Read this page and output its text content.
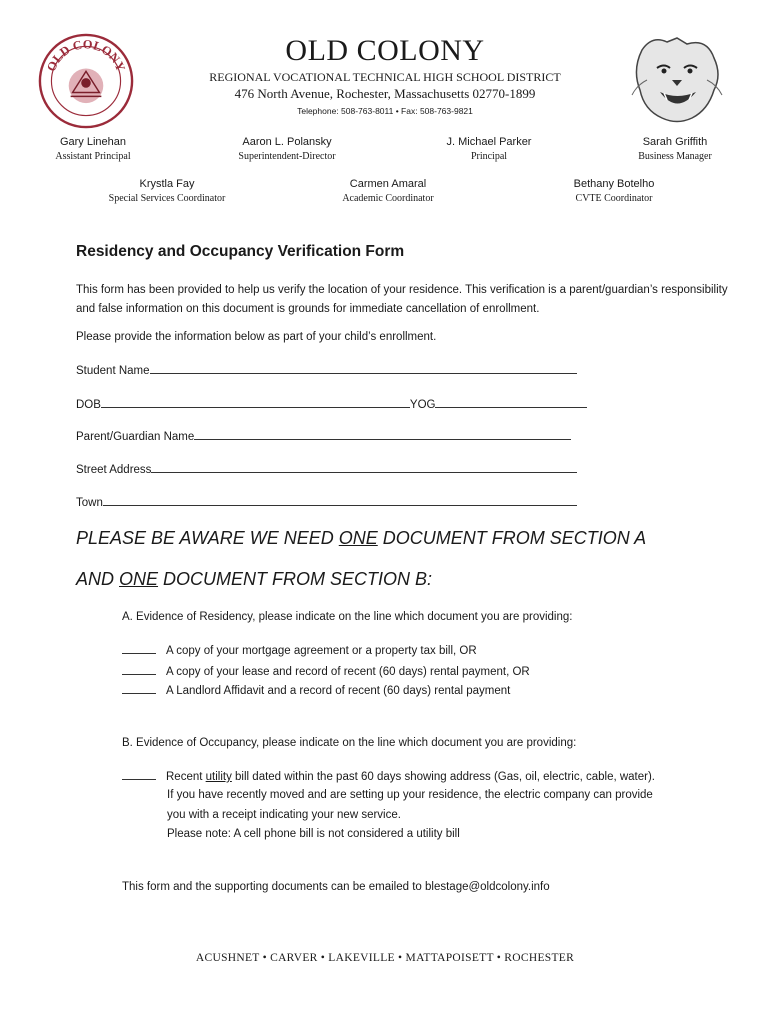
OLD COLONY	OLD COLONY
REGIONAL VOCATIONAL TECHNICAL HIGH SCHOOL DISTRICT
476 North Avenue, Rochester, Massachusetts 02770-1899
Telephone: 508-763-8011 • Fax: 508-763-9821
Gary Linehan
Assistant Principal
Aaron L. Polansky
Superintendent-Director
J. Michael Parker
Principal
Sarah Griffith
Business Manager
Krystla Fay
Special Services Coordinator
Carmen Amaral
Academic Coordinator
Bethany Botelho
CVTE Coordinator
Residency and Occupancy Verification Form
This form has been provided to help us verify the location of your residence. This verification is a parent/guardian’s responsibility and false information on this document is grounds for immediate cancellation of enrollment.
Please provide the information below as part of your child’s enrollment.
Student Name
DOB	YOG
Parent/Guardian Name
Street Address
Town
PLEASE BE AWARE WE NEED ONE DOCUMENT FROM SECTION A
AND ONE DOCUMENT FROM SECTION B:
A. Evidence of Residency, please indicate on the line which document you are providing:
A copy of your mortgage agreement or a property tax bill, OR
A copy of your lease and record of recent (60 days) rental payment, OR
A Landlord Affidavit and a record of recent (60 days) rental payment
B. Evidence of Occupancy, please indicate on the line which document you are providing:
Recent utility bill dated within the past 60 days showing address (Gas, oil, electric, cable, water).
If you have recently moved and are setting up your residence, the electric company can provide
you with a receipt indicating your new service.
Please note: A cell phone bill is not considered a utility bill
This form and the supporting documents can be emailed to blestage@oldcolony.info
ACUSHNET • CARVER • LAKEVILLE • MATTAPOISETT • ROCHESTER
